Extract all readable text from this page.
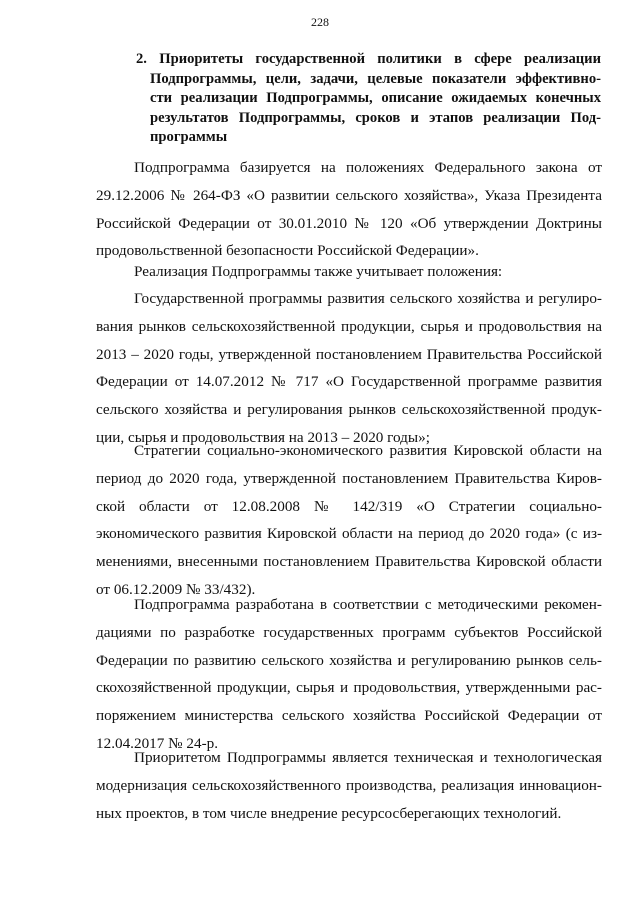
228
2. Приоритеты государственной политики в сфере реализации
Подпрограммы, цели, задачи, целевые показатели эффективно-
сти реализации Подпрограммы, описание ожидаемых конечных
результатов Подпрограммы, сроков и этапов реализации Под-
программы
Подпрограмма базируется на положениях Федерального закона от
29.12.2006 № 264-ФЗ «О развитии сельского хозяйства», Указа Президента
Российской Федерации от 30.01.2010 № 120 «Об утверждении Доктрины
продовольственной безопасности Российской Федерации».
Реализация Подпрограммы также учитывает положения:
Государственной программы развития сельского хозяйства и регулиро-
вания рынков сельскохозяйственной продукции, сырья и продовольствия на
2013 – 2020 годы, утвержденной постановлением Правительства Российской
Федерации от 14.07.2012 № 717 «О Государственной программе развития
сельского хозяйства и регулирования рынков сельскохозяйственной продук-
ции, сырья и продовольствия на 2013 – 2020 годы»;
Стратегии социально-экономического развития Кировской области на
период до 2020 года, утвержденной постановлением Правительства Киров-
ской области от 12.08.2008 № 142/319 «О Стратегии социально-
экономического развития Кировской области на период до 2020 года» (с из-
менениями, внесенными постановлением Правительства Кировской области
от 06.12.2009 № 33/432).
Подпрограмма разработана в соответствии с методическими рекомен-
дациями по разработке государственных программ субъектов Российской
Федерации по развитию сельского хозяйства и регулированию рынков сель-
скохозяйственной продукции, сырья и продовольствия, утвержденными рас-
поряжением министерства сельского хозяйства Российской Федерации от
12.04.2017 № 24-р.
Приоритетом Подпрограммы является техническая и технологическая
модернизация сельскохозяйственного производства, реализация инновацион-
ных проектов, в том числе внедрение ресурсосберегающих технологий.
